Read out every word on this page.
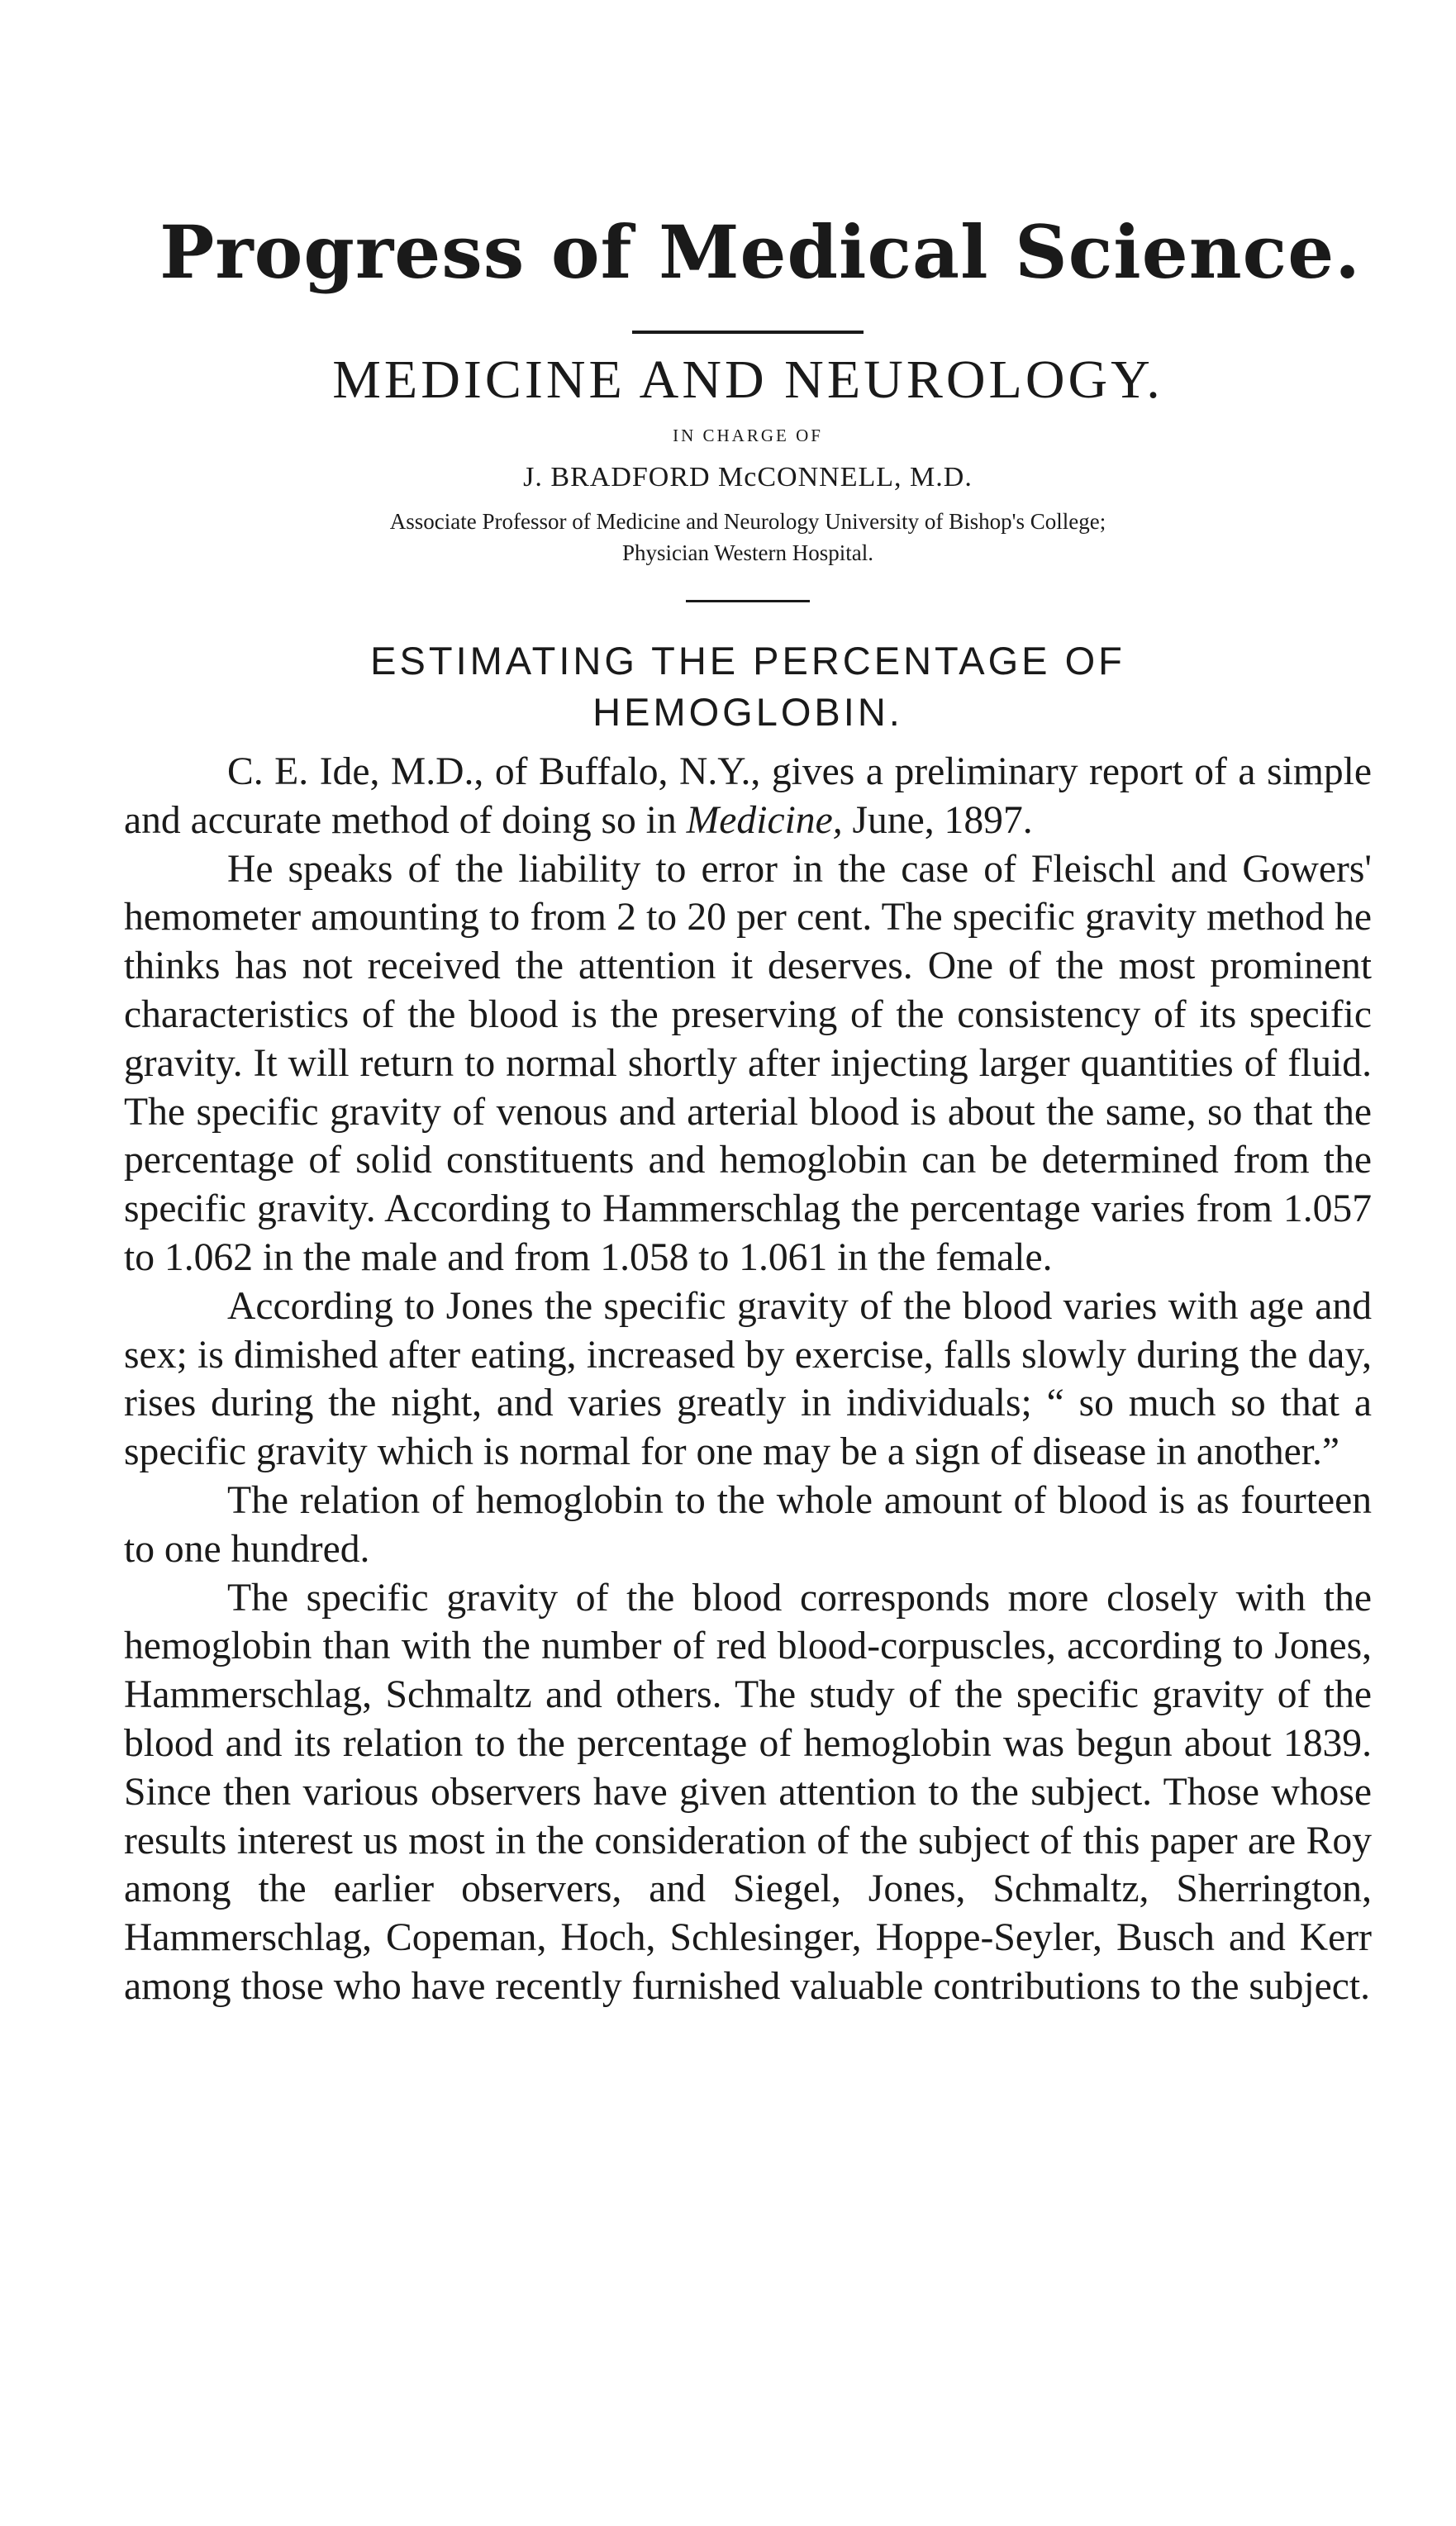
Progress of Medical Science.
MEDICINE AND NEUROLOGY.
IN CHARGE OF
J. BRADFORD McCONNELL, M.D.
Associate Professor of Medicine and Neurology University of Bishop's College;
Physician Western Hospital.
ESTIMATING THE PERCENTAGE OF
HEMOGLOBIN.

C. E. Ide, M.D., of Buffalo, N.Y., gives a preliminary report of a simple and accurate method of doing so in Medicine, June, 1897.

He speaks of the liability to error in the case of Fleischl and Gowers' hemometer amounting to from 2 to 20 per cent. The specific gravity method he thinks has not received the attention it deserves. One of the most prominent characteristics of the blood is the preserving of the consistency of its specific gravity. It will return to normal shortly after injecting larger quantities of fluid. The specific gravity of venous and arterial blood is about the same, so that the percentage of solid constituents and hemoglobin can be determined from the specific gravity. According to Hammerschlag the percentage varies from 1.057 to 1.062 in the male and from 1.058 to 1.061 in the female.

According to Jones the specific gravity of the blood varies with age and sex; is dimished after eating, increased by exercise, falls slowly during the day, rises during the night, and varies greatly in individuals; “ so much so that a specific gravity which is normal for one may be a sign of disease in another.”

The relation of hemoglobin to the whole amount of blood is as fourteen to one hundred.

The specific gravity of the blood corresponds more closely with the hemoglobin than with the number of red blood-corpuscles, according to Jones, Hammerschlag, Schmaltz and others. The study of the specific gravity of the blood and its relation to the percentage of hemoglobin was begun about 1839. Since then various observers have given attention to the subject. Those whose results interest us most in the consideration of the subject of this paper are Roy among the earlier observers, and Siegel, Jones, Schmaltz, Sherrington, Hammerschlag, Copeman, Hoch, Schlesinger, Hoppe-Seyler, Busch and Kerr among those who have recently furnished valuable contributions to the subject.
